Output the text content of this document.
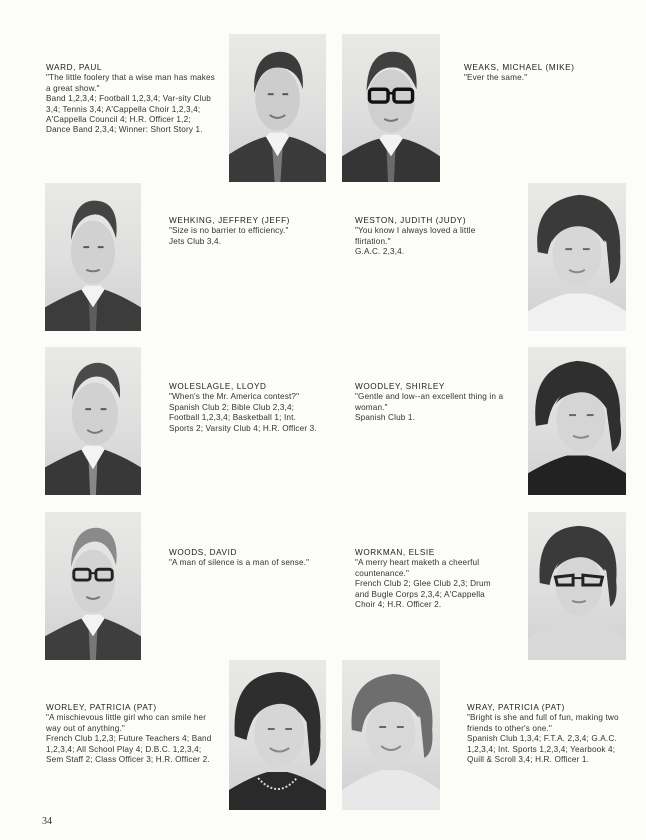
WARD, PAUL
"The little foolery that a wise man has makes a great show."
Band 1,2,3,4; Football 1,2,3,4; Var-sity Club 3,4; Tennis 3,4; A'Cappella Choir 1,2,3,4; A'Cappella Council 4; H.R. Officer 1,2; Dance Band 2,3,4; Winner: Short Story 1.
WEAKS, MICHAEL (MIKE)
"Ever the same."
WEHKING, JEFFREY (JEFF)
"Size is no barrier to efficiency."
Jets Club 3,4.
WESTON, JUDITH (JUDY)
"You know I always loved a little flirtation."
G.A.C. 2,3,4.
WOLESLAGLE, LLOYD
"When's the Mr. America contest?"
Spanish Club 2; Bible Club 2,3,4; Football 1,2,3,4; Basketball 1; Int. Sports 2; Varsity Club 4; H.R. Officer 3.
WOODLEY, SHIRLEY
"Gentle and low--an excellent thing in a woman."
Spanish Club 1.
WOODS, DAVID
"A man of silence is a man of sense."
WORKMAN, ELSIE
"A merry heart maketh a cheerful countenance."
French Club 2; Glee Club 2,3; Drum and Bugle Corps 2,3,4; A'Cappella Choir 4; H.R. Officer 2.
WORLEY, PATRICIA (PAT)
"A mischievous little girl who can smile her way out of anything."
French Club 1,2,3; Future Teachers 4; Band 1,2,3,4; All School Play 4; D.B.C. 1,2,3,4; Sem Staff 2; Class Officer 3; H.R. Officer 2.
WRAY, PATRICIA (PAT)
"Bright is she and full of fun, making two friends to other's one."
Spanish Club 1,3,4; F.T.A. 2,3,4; G.A.C. 1,2,3,4; Int. Sports 1,2,3,4; Yearbook 4; Quill & Scroll 3,4; H.R. Officer 1.
34
